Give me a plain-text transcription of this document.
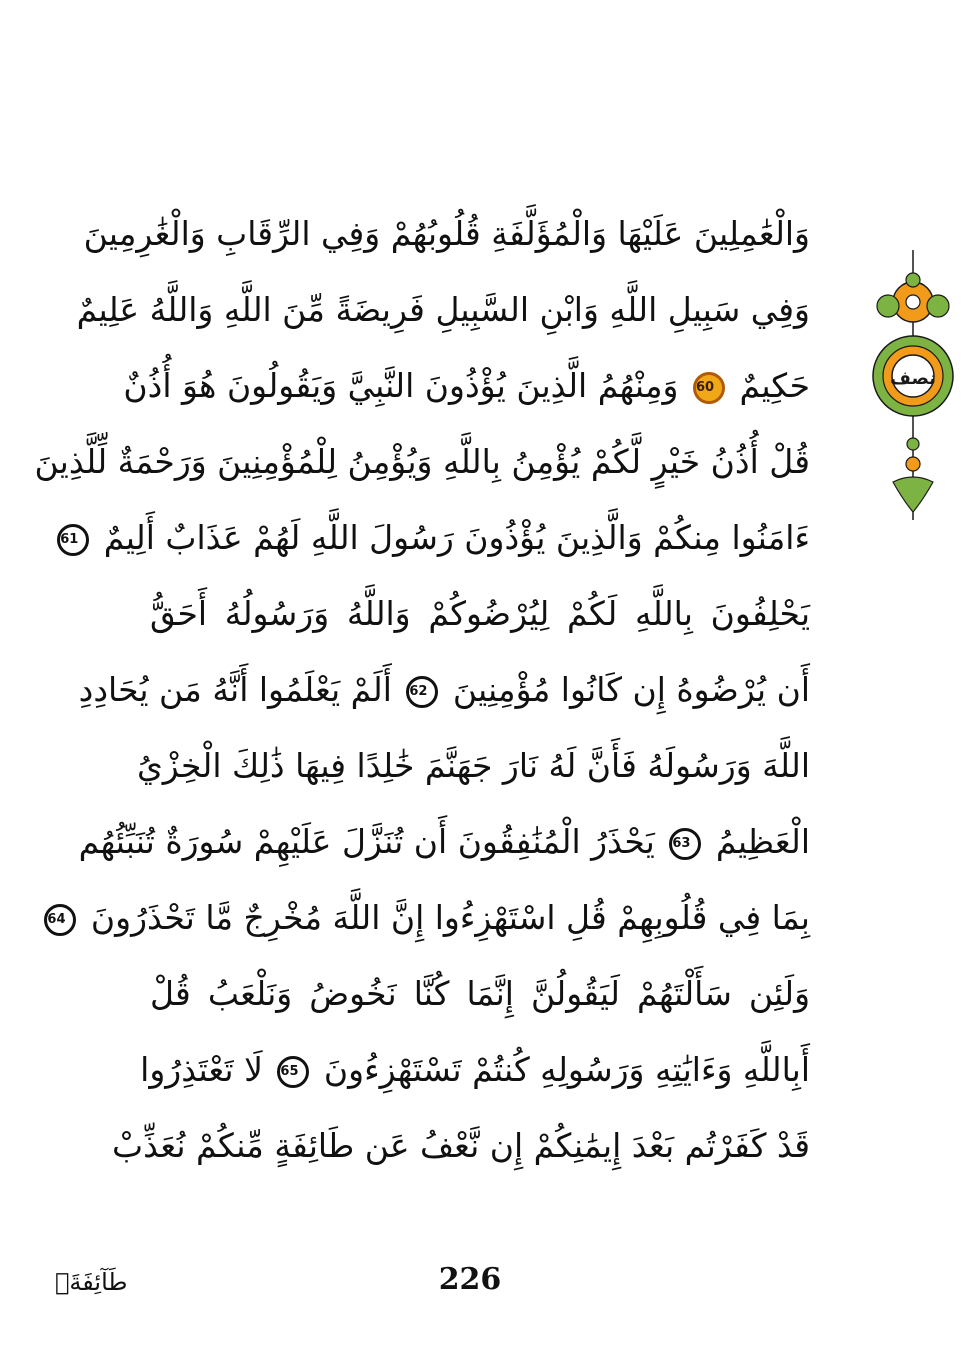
نصف
وَالْعَٰمِلِينَ عَلَيْهَا وَالْمُؤَلَّفَةِ قُلُوبُهُمْ وَفِي الرِّقَابِ وَالْغَٰرِمِينَ
وَفِي سَبِيلِ اللَّهِ وَابْنِ السَّبِيلِ فَرِيضَةً مِّنَ اللَّهِ وَاللَّهُ عَلِيمٌ
حَكِيمٌ 60 وَمِنْهُمُ الَّذِينَ يُؤْذُونَ النَّبِيَّ وَيَقُولُونَ هُوَ أُذُنٌ
قُلْ أُذُنُ خَيْرٍ لَّكُمْ يُؤْمِنُ بِاللَّهِ وَيُؤْمِنُ لِلْمُؤْمِنِينَ وَرَحْمَةٌ لِّلَّذِينَ
ءَامَنُوا مِنكُمْ وَالَّذِينَ يُؤْذُونَ رَسُولَ اللَّهِ لَهُمْ عَذَابٌ أَلِيمٌ 61
يَحْلِفُونَ بِاللَّهِ لَكُمْ لِيُرْضُوكُمْ وَاللَّهُ وَرَسُولُهُ أَحَقُّ
أَن يُرْضُوهُ إِن كَانُوا مُؤْمِنِينَ 62 أَلَمْ يَعْلَمُوا أَنَّهُ مَن يُحَادِدِ
اللَّهَ وَرَسُولَهُ فَأَنَّ لَهُ نَارَ جَهَنَّمَ خَٰلِدًا فِيهَا ذَٰلِكَ الْخِزْيُ
الْعَظِيمُ 63 يَحْذَرُ الْمُنَٰفِقُونَ أَن تُنَزَّلَ عَلَيْهِمْ سُورَةٌ تُنَبِّئُهُم
بِمَا فِي قُلُوبِهِمْ قُلِ اسْتَهْزِءُوا إِنَّ اللَّهَ مُخْرِجٌ مَّا تَحْذَرُونَ 64
وَلَئِن سَأَلْتَهُمْ لَيَقُولُنَّ إِنَّمَا كُنَّا نَخُوضُ وَنَلْعَبُ قُلْ
أَبِاللَّهِ وَءَايَٰتِهِ وَرَسُولِهِ كُنتُمْ تَسْتَهْزِءُونَ 65 لَا تَعْتَذِرُوا
قَدْ كَفَرْتُم بَعْدَ إِيمَٰنِكُمْ إِن نَّعْفُ عَن طَائِفَةٍ مِّنكُمْ نُعَذِّبْ
226
طَآئِفَةَۢ
